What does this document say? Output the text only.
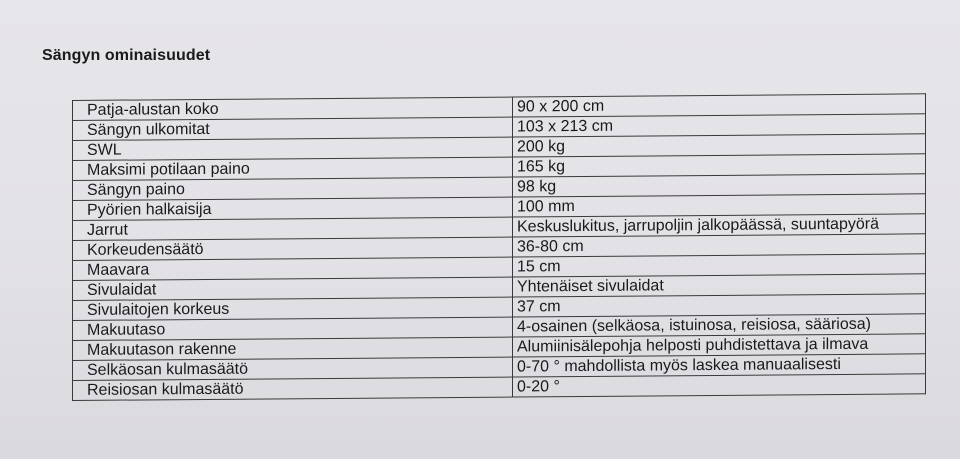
Sängyn ominaisuudet
Patja-alustan koko	90 x 200 cm
Sängyn ulkomitat	103 x 213 cm
SWL	200 kg
Maksimi potilaan paino	165 kg
Sängyn paino	98 kg
Pyörien halkaisija	100 mm
Jarrut	Keskuslukitus, jarrupoljin jalkopäässä, suuntapyörä
Korkeudensäätö	36-80 cm
Maavara	15 cm
Sivulaidat	Yhtenäiset sivulaidat
Sivulaitojen korkeus	37 cm
Makuutaso	4-osainen (selkäosa, istuinosa, reisiosa, sääriosa)
Makuutason rakenne	Alumiinisälepohja helposti puhdistettava ja ilmava
Selkäosan kulmasäätö	0-70 ° mahdollista myös laskea manuaalisesti
Reisiosan kulmasäätö	0-20 °
